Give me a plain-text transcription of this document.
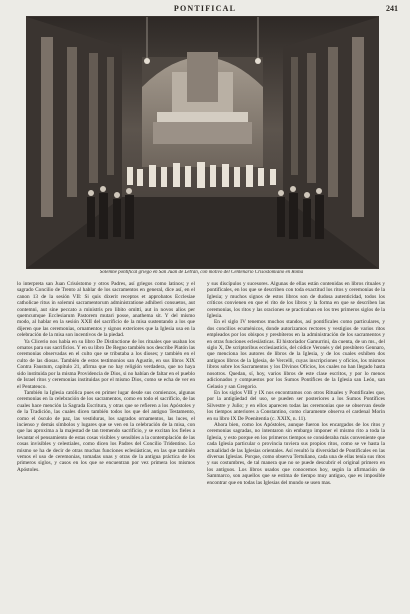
PONTIFICAL	241
Solemne pontifical griego en San Juan de Letrán, con motivo del Centenario Crisostomiano en Roma

lo interpreta san Juan Crisóstomo y otros Padres, así griegos como latinos; y el sagrado Concilio de Trento al hablar de los sacramentos en general, dice así, en el canon 13 de la sesión VII: Si quis dixerit receptos et approbatos Ecclesiae catholicae ritus in solemni sacramentorum administratione adhiberi consuetos, aut contemni, aut sine peccato a ministris pro libito omitti, aut in novos alios per quemcumque Ecclesiarum Pastorem mutari posse, anathema sit. Y del mismo modo, al hablar en la sesión XXII del sacrificio de la misa sustentando a los que dijeren que las ceremonias, ornamentos y signos exteriores que la Iglesia usa en la celebración de la misa son incentivos de la piedad.

Ya Clicerio nos había en su libro De Distinctione de los rituales que usaban los ornatos para sus sacrificios. Y en su libro De Regno también nos describe Platón las ceremonias observadas en el culto que se tributaba a los dioses; y también en el culto de las diosas. También de estos testimonios san Agustín, en sus libros XIX Contra Faustum, capítulo 21, afirma que no hay religión verdadera, que no haya sido instituida por la misma Providencia de Dios, si no habían de faltar en el pueblo de Israel ritos y ceremonias instituidas por el mismo Dios, como se echa de ver en el Pentateuco.

También la Iglesia católica pues en primer lugar desde sus comienzos, algunas ceremonias en la celebración de los sacramentos, como en todo el sacrificio, de las cuales hace mención la Sagrada Escritura, y otras que se refieren a los Apóstoles y de la Tradición, las cuales dicen también todos los que del antiguo Testamento, como el ósculo de paz, las vestiduras, los sagrados ornamentos, las luces, el incienso y demás símbolos y lugares que se ven en la celebración de la misa, con que las aproxima a la majestad de tan tremendo sacrificio, y se excitan los fieles a levantar el pensamiento de estas cosas visibles y sensibles a la contemplación de las cosas invisibles y celestiales, como dicen los Padres del Concilio Tridentino. Lo mismo se ha de decir de otras muchas funciones eclesiásticas, en las que también vemos el uso de ceremonias, tomadas unas y otras de la antigua práctica de los primeros siglos, y casos en los que se encuentran por vez primera los mismos Apóstoles.

y sus discípulos y sucesores. Algunas de ellas están contenidas en libros rituales y pontificales, en los que se describen con toda exactitud los ritos y ceremonias de la Iglesia; y muchos signos de estos libros son de dudosa autenticidad, todos los críticos convienen en que el rito de los libros y la forma en que se describen las ceremonias, los ritos y las oraciones se practicaban en los tres primeros siglos de la Iglesia.

En el siglo IV tenemos muchos standos, así pontificales como particulares, y dos concilios ecuménicos, donde autorizamos rectores y vestigios de varios ritos empleados por los obispos y presbíteros en la administración de los sacramentos y en otras funciones eclesiásticas. El historiador Gamurrini, da cuenta, de un ms., del siglo X, De scriptoribus ecclesiasticis, del códice Veronés y del presbítero Gennaro, que menciona los autores de libros de la Iglesia, y de los cuales exhiben dos antiguos libros de la Iglesia, de Vercelli, cuyas inscripciones y oficios, los mismos libros sobre los Sacramentos y los Divinos Oficios, los cuales no han llegado hasta nosotros. Quedan, sí, hoy, varios libros de este clase escritos, y por lo menos adicionados y compuestos por los Sumos Pontífices de la Iglesia san León, san Gelasio y san Gregorio.

En los siglos VIII y IX nos encontramos con otros Rituales y Pontificales que, por la antigüedad del uso, se pueden ser posteriores a los Sumos Pontífices Silvestre y Julio; y en ellos aparecen todas las ceremonias que se observan desde los tiempos anteriores a Constantino, como claramente observa el cardenal Morin en su libro IX De Poenitentia (c. XXIX, n. 11).

Ahora bien, como los Apóstoles, aunque fueron los encargados de los ritos y ceremonias sagradas, no intentaron sin embargo imponer el mismo rito a toda la Iglesia, y esto porque en los primeros tiempos se consideraba más conveniente que cada Iglesia particular o provincia tuviera sus propios ritos, como se ve hasta la actualidad de las Iglesias orientales. Así resultó la diversidad de Pontificales en las diversas Iglesias. Porque, como observa Tertuliano, cada una de ellas tenía sus ritos y sus costumbres, de tal manera que no se puede descubrir el original primero en los antiguos. Los libros usados que conocemos hoy, según la afirmación de Sammarco, son aquellos que se estima de tiempo muy antiguo, que es imposible encontrar que en todas las Iglesias del mundo se usen mas.
